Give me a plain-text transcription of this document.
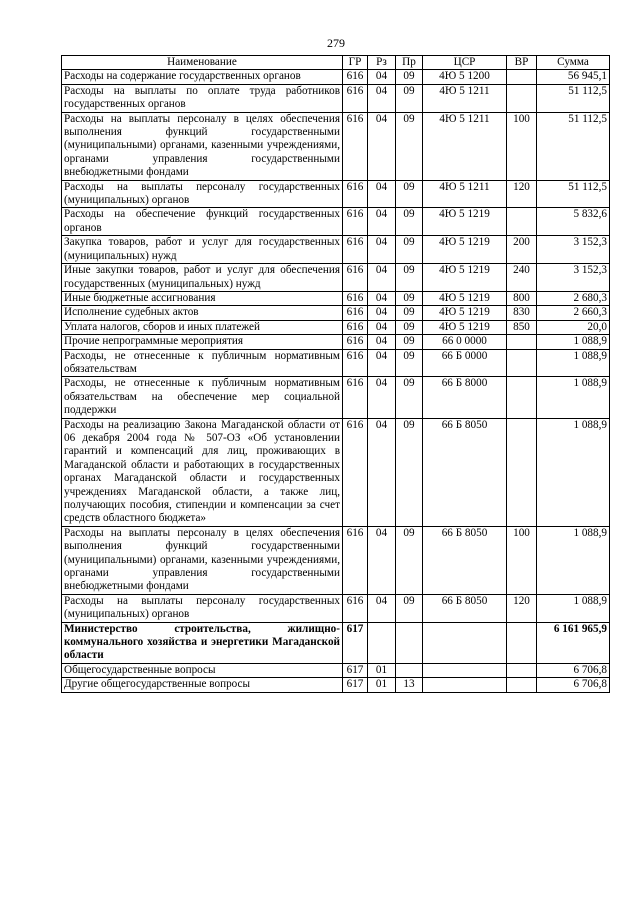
279
Наименование	ГР	Рз	Пр	ЦСР	ВР	Сумма
Расходы на содержание государственных органов	616	04	09	4Ю 5 1200		56 945,1
Расходы на выплаты по оплате труда работников государственных органов	616	04	09	4Ю 5 1211		51 112,5
Расходы на выплаты персоналу в целях обеспечения выполнения функций государственными (муниципальными) органами, казенными учреждениями, органами управления государственными внебюджетными фондами	616	04	09	4Ю 5 1211	100	51 112,5
Расходы на выплаты персоналу государственных (муниципальных) органов	616	04	09	4Ю 5 1211	120	51 112,5
Расходы на обеспечение функций государственных органов	616	04	09	4Ю 5 1219		5 832,6
Закупка товаров, работ и услуг для государственных (муниципальных) нужд	616	04	09	4Ю 5 1219	200	3 152,3
Иные закупки товаров, работ и услуг для обеспечения государственных (муниципальных) нужд	616	04	09	4Ю 5 1219	240	3 152,3
Иные бюджетные ассигнования	616	04	09	4Ю 5 1219	800	2 680,3
Исполнение судебных актов	616	04	09	4Ю 5 1219	830	2 660,3
Уплата налогов, сборов и иных платежей	616	04	09	4Ю 5 1219	850	20,0
Прочие непрограммные мероприятия	616	04	09	66 0 0000		1 088,9
Расходы, не отнесенные к публичным нормативным обязательствам	616	04	09	66 Б 0000		1 088,9
Расходы, не отнесенные к публичным нормативным обязательствам на обеспечение мер социальной поддержки	616	04	09	66 Б 8000		1 088,9
Расходы на реализацию Закона Магаданской области от 06 декабря 2004 года № 507-ОЗ «Об установлении гарантий и компенсаций для лиц, проживающих в Магаданской области и работающих в государственных органах Магаданской области и государственных учреждениях Магаданской области, а также лиц, получающих пособия, стипендии и компенсации за счет средств областного бюджета»	616	04	09	66 Б 8050		1 088,9
Расходы на выплаты персоналу в целях обеспечения выполнения функций государственными (муниципальными) органами, казенными учреждениями, органами управления государственными внебюджетными фондами	616	04	09	66 Б 8050	100	1 088,9
Расходы на выплаты персоналу государственных (муниципальных) органов	616	04	09	66 Б 8050	120	1 088,9
Министерство строительства, жилищно-коммунального хозяйства и энергетики Магаданской области	617					6 161 965,9
Общегосударственные вопросы	617	01				6 706,8
Другие общегосударственные вопросы	617	01	13			6 706,8
